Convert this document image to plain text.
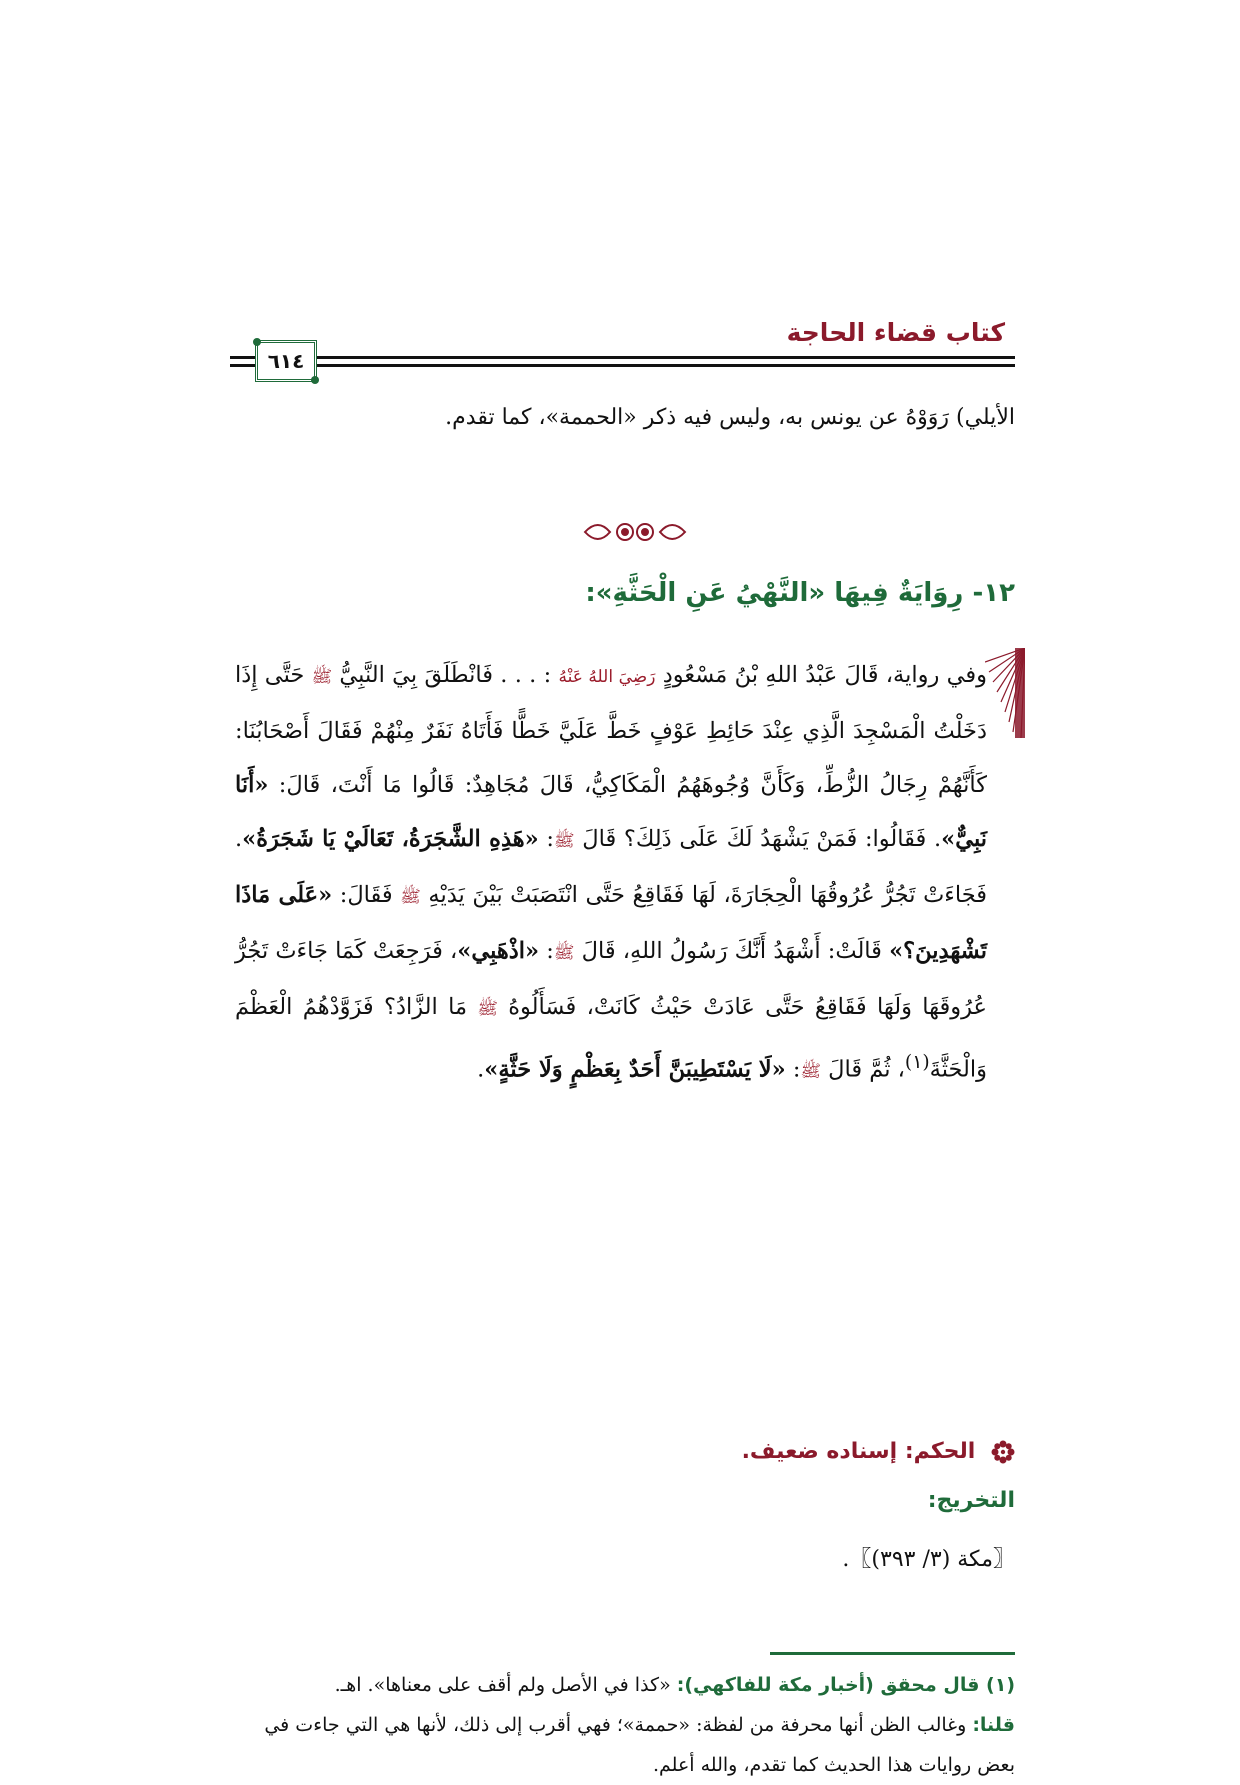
كتاب قضاء الحاجة
٦١٤
الأيلي) رَوَوْهُ عن يونس به، وليس فيه ذكر «الحممة»، كما تقدم.
١٢- رِوَايَةٌ فِيهَا «النَّهْيُ عَنِ الْحَثَّةِ»:
وفي رواية، قَالَ عَبْدُ اللهِ بْنُ مَسْعُودٍ رَضِيَ اللهُ عَنْهُ : . . . فَانْطَلَقَ بِيَ النَّبِيُّ ﷺ حَتَّى إِذَا دَخَلْتُ الْمَسْجِدَ الَّذِي عِنْدَ حَائِطِ عَوْفٍ خَطَّ عَلَيَّ خَطًّا فَأَتَاهُ نَفَرٌ مِنْهُمْ فَقَالَ أَصْحَابُنَا: كَأَنَّهُمْ رِجَالُ الزُّطِّ، وَكَأَنَّ وُجُوهَهُمُ الْمَكَاكِيُّ، قَالَ مُجَاهِدٌ: قَالُوا مَا أَنْتَ، قَالَ: «أَنَا نَبِيٌّ». فَقَالُوا: فَمَنْ يَشْهَدُ لَكَ عَلَى ذَلِكَ؟ قَالَ ﷺ: «هَذِهِ الشَّجَرَةُ، تَعَالَيْ يَا شَجَرَةُ». فَجَاءَتْ تَجُرُّ عُرُوقُهَا الْحِجَارَةَ، لَهَا فَقَاقِعُ حَتَّى انْتَصَبَتْ بَيْنَ يَدَيْهِ ﷺ فَقَالَ: «عَلَى مَاذَا تَشْهَدِينَ؟» قَالَتْ: أَشْهَدُ أَنَّكَ رَسُولُ اللهِ، قَالَ ﷺ: «اذْهَبِي»، فَرَجِعَتْ كَمَا جَاءَتْ تَجُرُّ عُرُوقَهَا وَلَهَا فَقَاقِعُ حَتَّى عَادَتْ حَيْثُ كَانَتْ، فَسَأَلُوهُ ﷺ مَا الزَّادُ؟ فَزَوَّدْهُمُ الْعَظْمَ وَالْحَثَّةَ$^{(١)}$، ثُمَّ قَالَ ﷺ: «لَا يَسْتَطِيبَنَّ أَحَدٌ بِعَظْمٍ وَلَا حَثَّةٍ».
الحكم: إسناده ضعيف.
التخريج:
〖مكة (٣/ ٣٩٣)〗.

(١) قال محقق (أخبار مكة للفاكهي): «كذا في الأصل ولم أقف على معناها». اهـ.

قلنا: وغالب الظن أنها محرفة من لفظة: «حممة»؛ فهي أقرب إلى ذلك، لأنها هي التي جاءت في بعض روايات هذا الحديث كما تقدم، والله أعلم.
